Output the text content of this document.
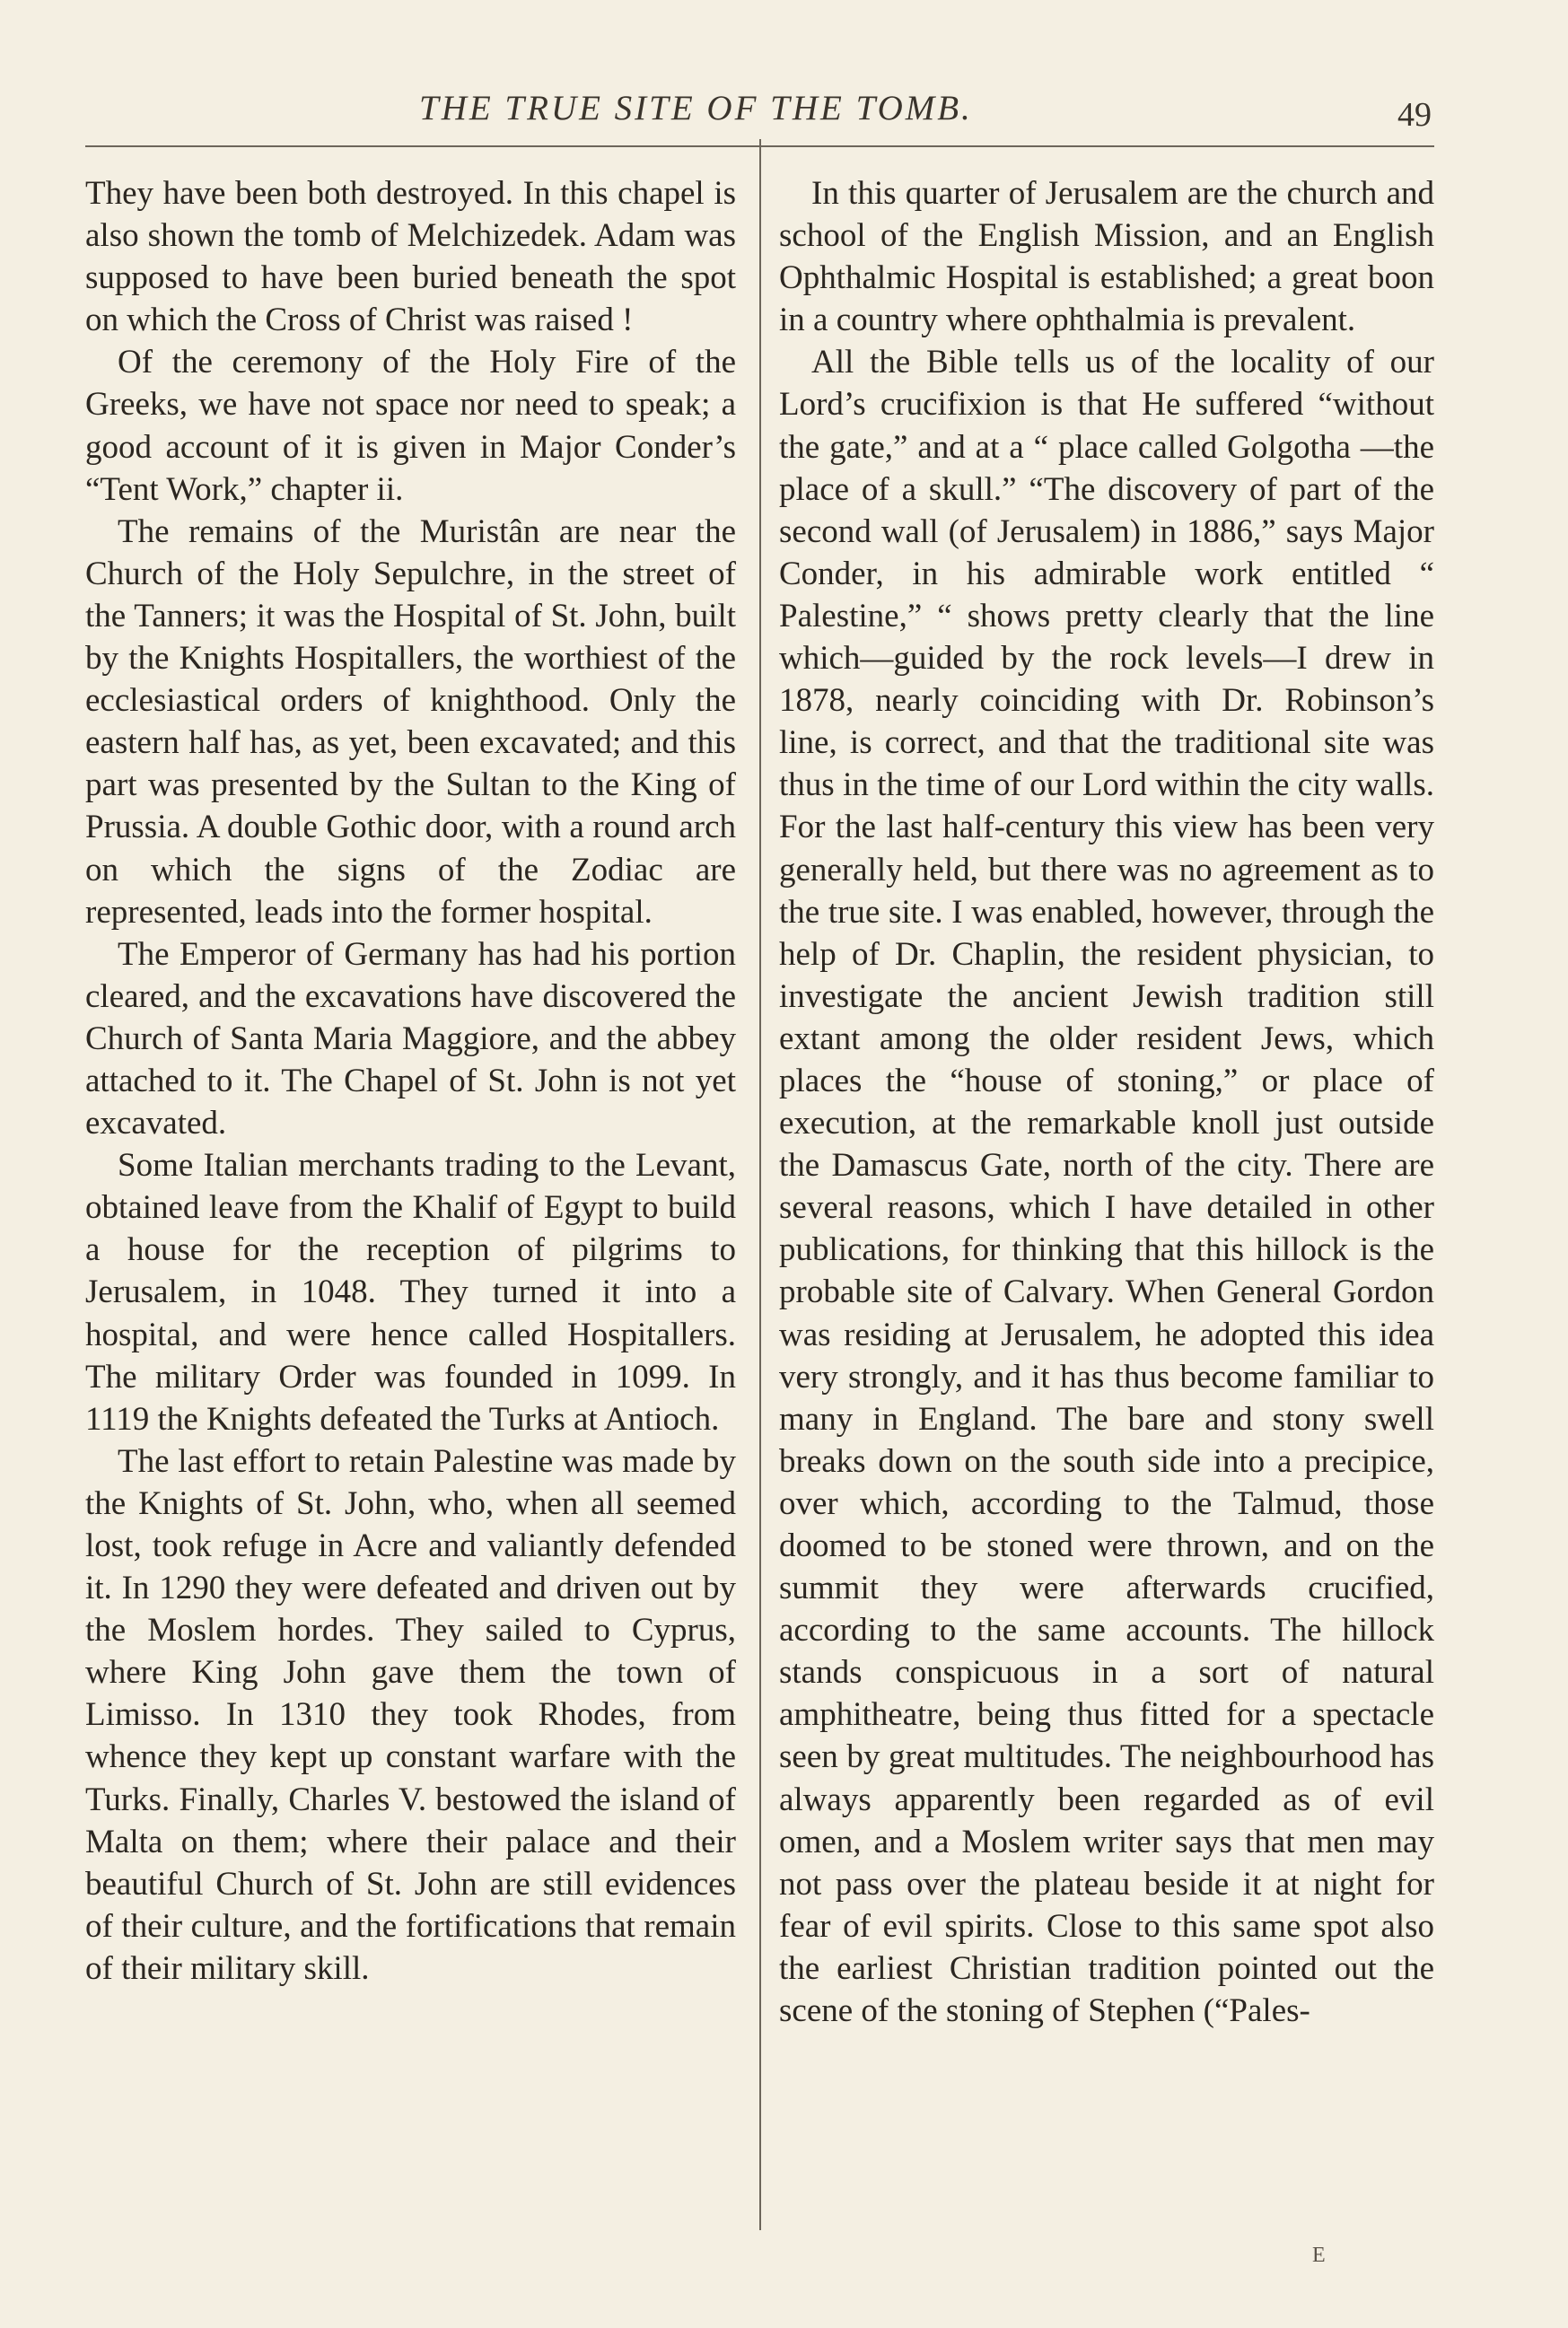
THE TRUE SITE OF THE TOMB.	49

They have been both destroyed. In this chapel is also shown the tomb of Melchizedek. Adam was supposed to have been buried beneath the spot on which the Cross of Christ was raised !

Of the ceremony of the Holy Fire of the Greeks, we have not space nor need to speak; a good account of it is given in Major Conder’s “Tent Work,” chapter ii.

The remains of the Muristân are near the Church of the Holy Sepulchre, in the street of the Tanners; it was the Hospital of St. John, built by the Knights Hospitallers, the worthiest of the ecclesiastical orders of knighthood. Only the eastern half has, as yet, been excavated; and this part was presented by the Sultan to the King of Prussia. A double Gothic door, with a round arch on which the signs of the Zodiac are represented, leads into the former hospital.

The Emperor of Germany has had his portion cleared, and the excavations have discovered the Church of Santa Maria Maggiore, and the abbey attached to it. The Chapel of St. John is not yet excavated.

Some Italian merchants trading to the Levant, obtained leave from the Khalif of Egypt to build a house for the reception of pilgrims to Jerusalem, in 1048. They turned it into a hospital, and were hence called Hospitallers. The military Order was founded in 1099. In 1119 the Knights defeated the Turks at Antioch.

The last effort to retain Palestine was made by the Knights of St. John, who, when all seemed lost, took refuge in Acre and valiantly defended it. In 1290 they were defeated and driven out by the Moslem hordes. They sailed to Cyprus, where King John gave them the town of Limisso. In 1310 they took Rhodes, from whence they kept up constant warfare with the Turks. Finally, Charles V. bestowed the island of Malta on them; where their palace and their beautiful Church of St. John are still evidences of their culture, and the fortifications that remain of their military skill.

In this quarter of Jerusalem are the church and school of the English Mission, and an English Ophthalmic Hospital is established; a great boon in a country where ophthalmia is prevalent.

All the Bible tells us of the locality of our Lord’s crucifixion is that He suffered “without the gate,” and at a “ place called Golgotha —the place of a skull.” “The discovery of part of the second wall (of Jerusalem) in 1886,” says Major Conder, in his admirable work entitled “ Palestine,” “ shows pretty clearly that the line which—guided by the rock levels—I drew in 1878, nearly coinciding with Dr. Robinson’s line, is correct, and that the traditional site was thus in the time of our Lord within the city walls. For the last half-century this view has been very generally held, but there was no agreement as to the true site. I was enabled, however, through the help of Dr. Chaplin, the resident physician, to investigate the ancient Jewish tradition still extant among the older resident Jews, which places the “house of stoning,” or place of execution, at the remarkable knoll just outside the Damascus Gate, north of the city. There are several reasons, which I have detailed in other publications, for thinking that this hillock is the probable site of Calvary. When General Gordon was residing at Jerusalem, he adopted this idea very strongly, and it has thus become familiar to many in England. The bare and stony swell breaks down on the south side into a precipice, over which, according to the Talmud, those doomed to be stoned were thrown, and on the summit they were afterwards crucified, according to the same accounts. The hillock stands conspicuous in a sort of natural amphitheatre, being thus fitted for a spectacle seen by great multitudes. The neighbourhood has always apparently been regarded as of evil omen, and a Moslem writer says that men may not pass over the plateau beside it at night for fear of evil spirits. Close to this same spot also the earliest Christian tradition pointed out the scene of the stoning of Stephen (“Pales-

E
